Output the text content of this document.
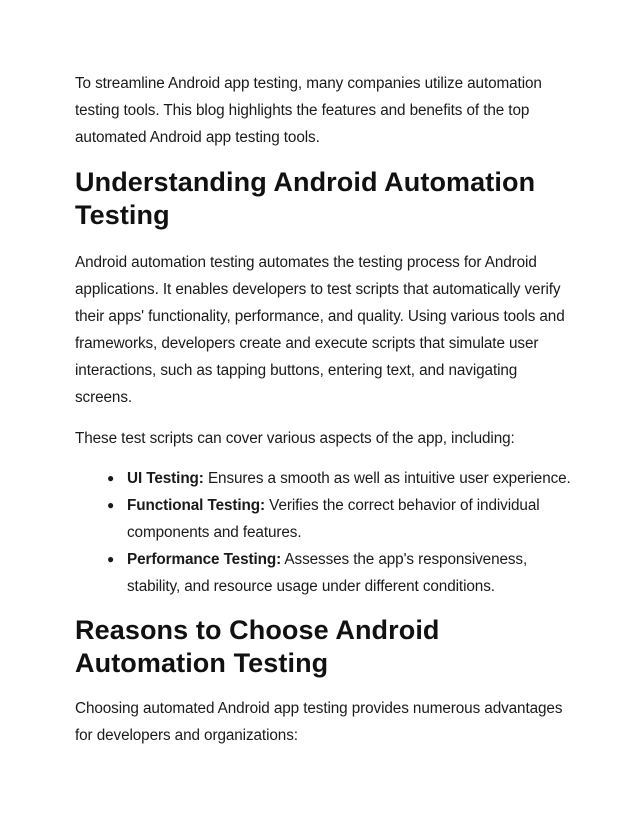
To streamline Android app testing, many companies utilize automation testing tools. This blog highlights the features and benefits of the top automated Android app testing tools.

Understanding Android Automation Testing

Android automation testing automates the testing process for Android applications. It enables developers to test scripts that automatically verify their apps' functionality, performance, and quality. Using various tools and frameworks, developers create and execute scripts that simulate user interactions, such as tapping buttons, entering text, and navigating screens.

These test scripts can cover various aspects of the app, including:

● UI Testing: Ensures a smooth as well as intuitive user experience.
● Functional Testing: Verifies the correct behavior of individual components and features.
● Performance Testing: Assesses the app's responsiveness, stability, and resource usage under different conditions.
Reasons to Choose Android Automation Testing

Choosing automated Android app testing provides numerous advantages for developers and organizations:
